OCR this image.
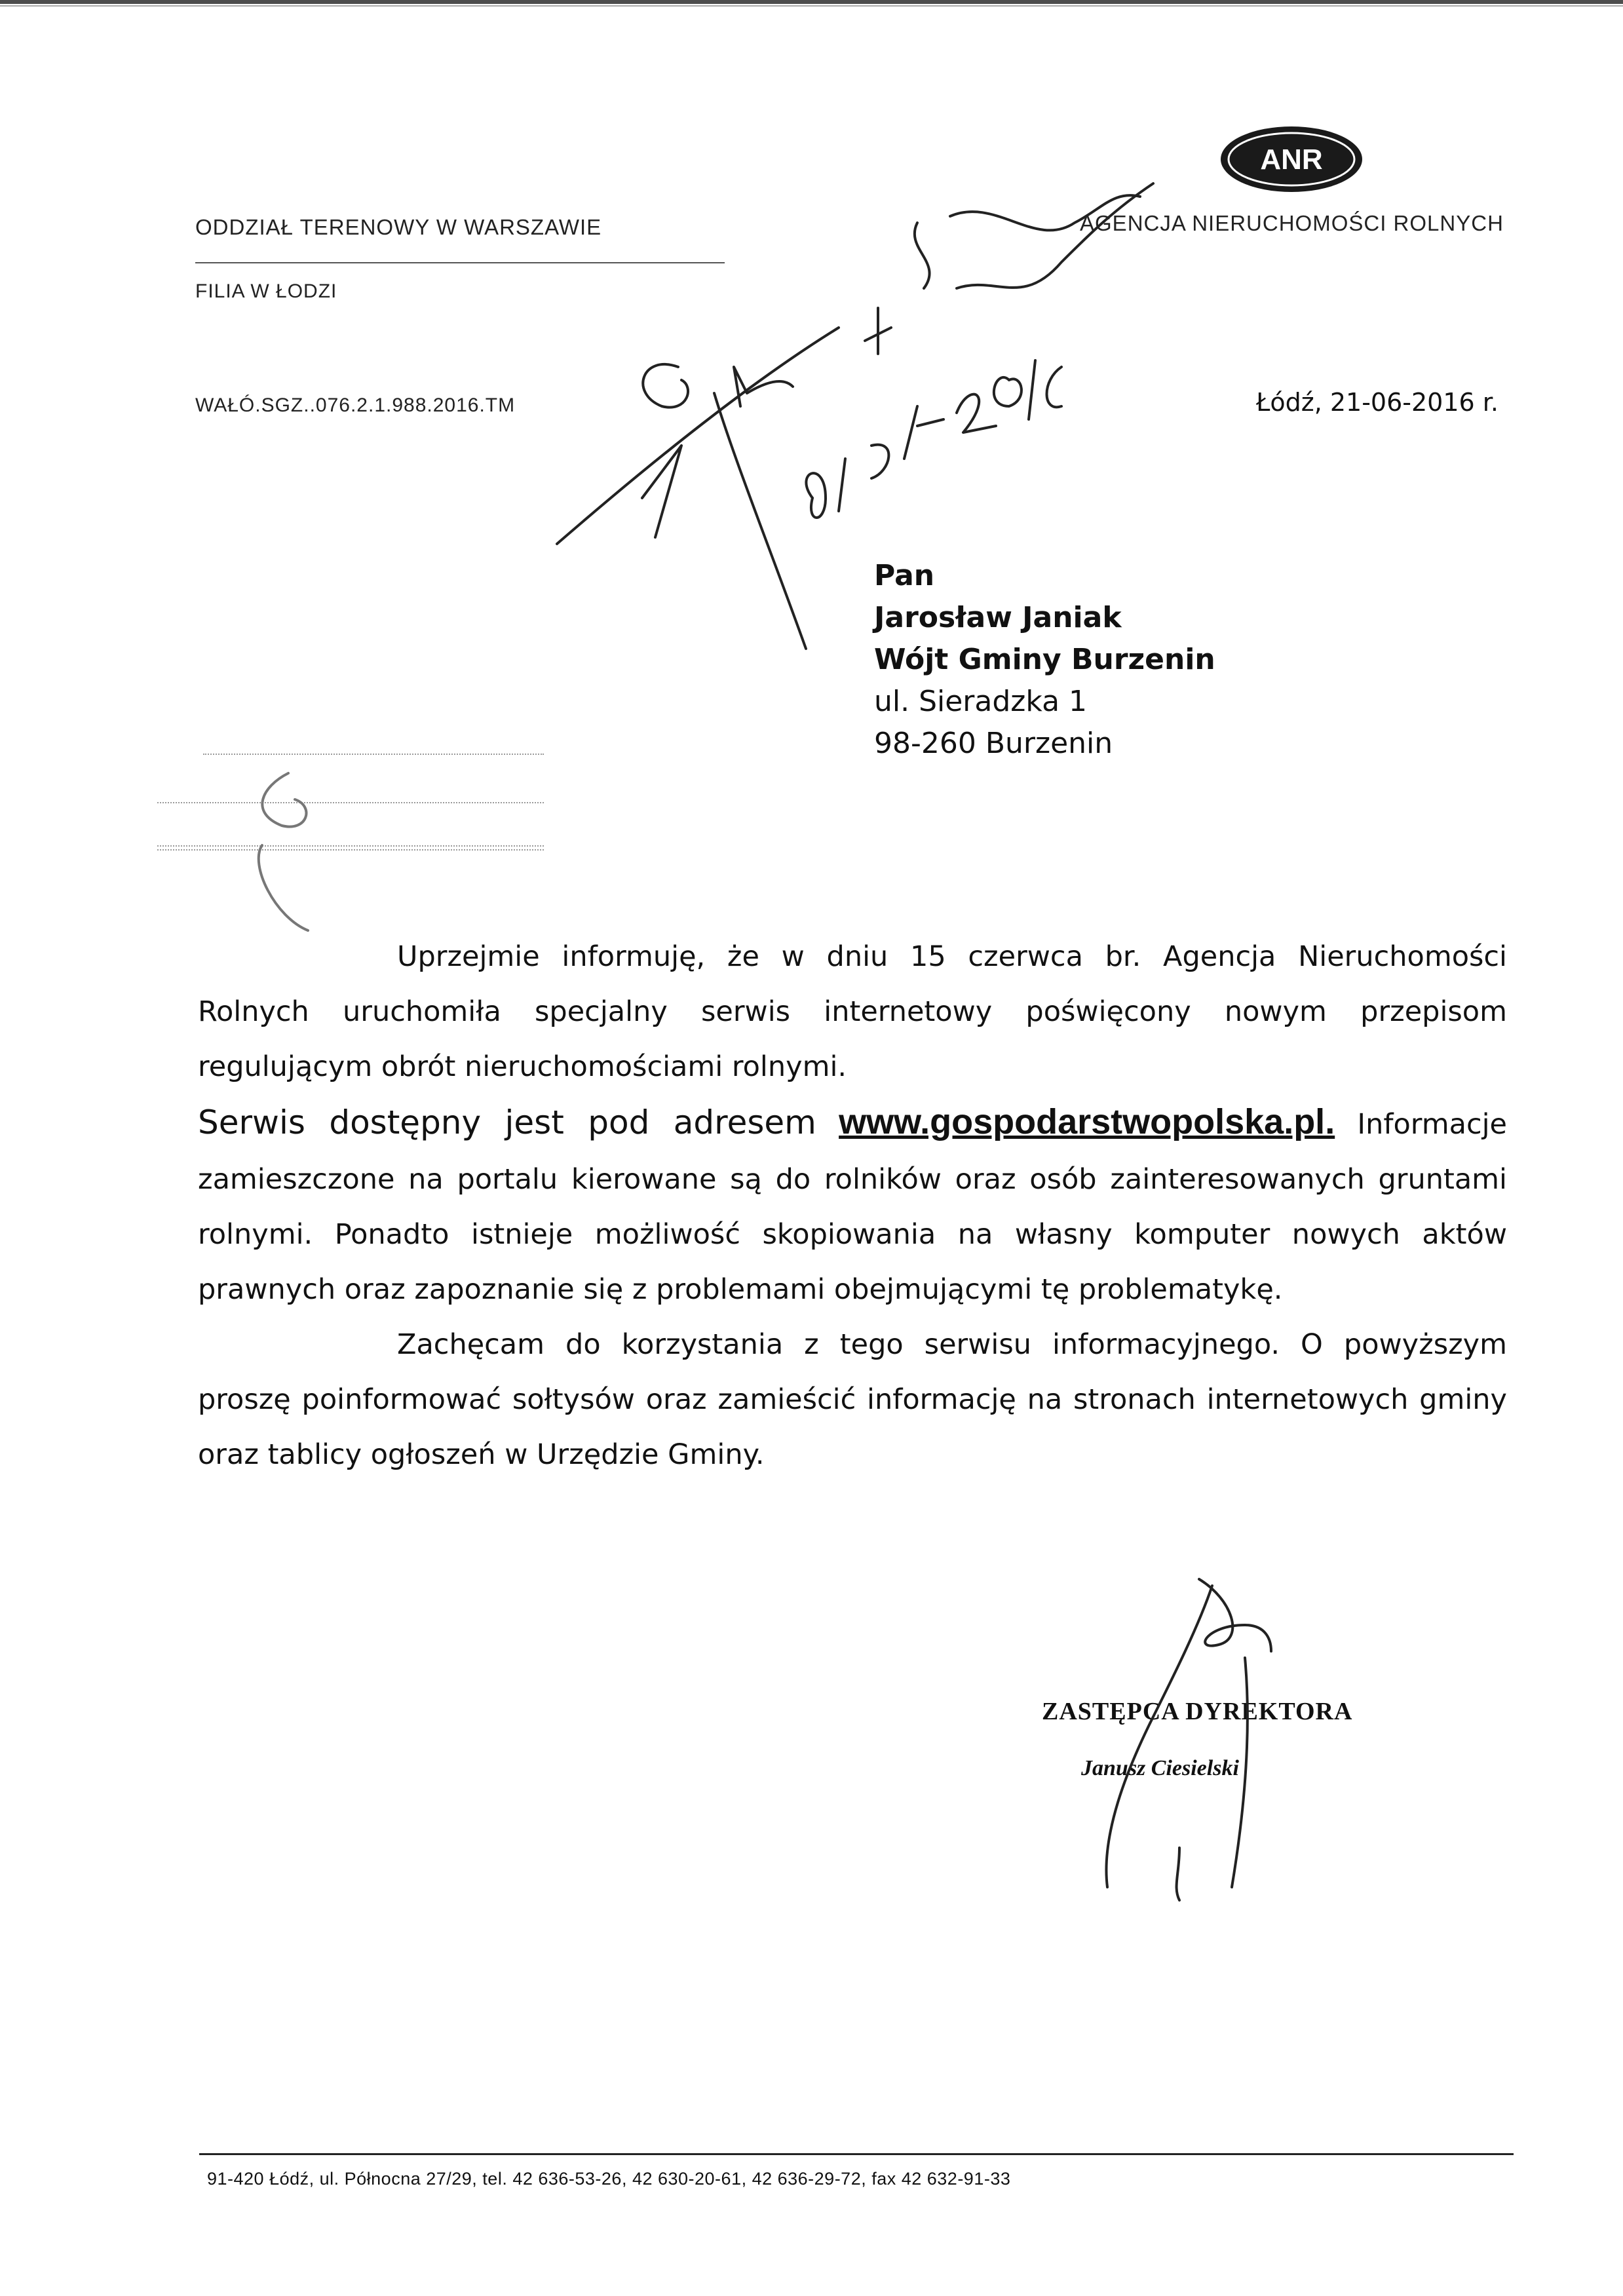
ODDZIAŁ TERENOWY W WARSZAWIE
FILIA W ŁODZI
WAŁÓ.SGZ..076.2.1.988.2016.TM
ANR
AGENCJA NIERUCHOMOŚCI ROLNYCH
Łódź, 21-06-2016 r.
Pan
Jarosław Janiak
Wójt Gminy Burzenin
ul. Sieradzka 1
98-260 Burzenin
Uprzejmie informuję, że w dniu 15 czerwca br. Agencja Nieruchomości Rolnych uruchomiła specjalny serwis internetowy poświęcony nowym przepisom regulującym obrót nieruchomościami rolnymi.
Serwis dostępny jest pod adresem www.gospodarstwopolska.pl. Informacje zamieszczone na portalu kierowane są do rolników oraz osób zainteresowanych gruntami rolnymi. Ponadto istnieje możliwość skopiowania na własny komputer nowych aktów prawnych oraz zapoznanie się z problemami obejmującymi tę problematykę.
Zachęcam do korzystania z tego serwisu informacyjnego. O powyższym proszę poinformować sołtysów oraz zamieścić informację na stronach internetowych gminy oraz tablicy ogłoszeń w Urzędzie Gminy.
ZASTĘPCA DYREKTORA
Janusz Ciesielski
91-420 Łódź, ul. Północna 27/29, tel. 42 636-53-26, 42 630-20-61, 42 636-29-72, fax 42 632-91-33
